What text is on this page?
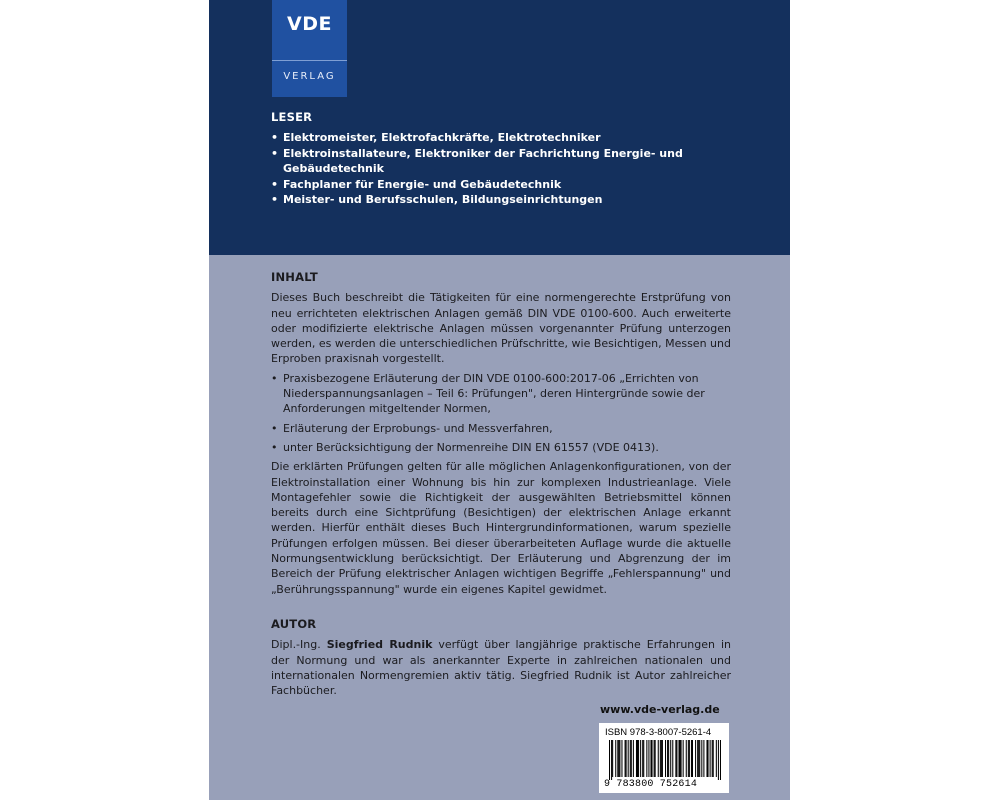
VDE
VERLAG
LESER
• Elektromeister, Elektrofachkräfte, Elektrotechniker
• Elektroinstallateure, Elektroniker der Fachrichtung Energie- und Gebäudetechnik
• Fachplaner für Energie- und Gebäudetechnik
• Meister- und Berufsschulen, Bildungseinrichtungen
INHALT

Dieses Buch beschreibt die Tätigkeiten für eine normengerechte Erstprüfung von neu errichteten elektrischen Anlagen gemäß DIN VDE 0100-600. Auch erweiterte oder modifizierte elektrische Anlagen müssen vorgenannter Prüfung unterzogen werden, es werden die unterschiedlichen Prüfschritte, wie Besichtigen, Messen und Erproben praxisnah vorgestellt.

• Praxisbezogene Erläuterung der DIN VDE 0100-600:2017-06 „Errichten von Niederspannungsanlagen – Teil 6: Prüfungen", deren Hintergründe sowie der Anforderungen mitgeltender Normen,
• Erläuterung der Erprobungs- und Messverfahren,
• unter Berücksichtigung der Normenreihe DIN EN 61557 (VDE 0413).

Die erklärten Prüfungen gelten für alle möglichen Anlagenkonfigurationen, von der Elektroinstallation einer Wohnung bis hin zur komplexen Industrieanlage. Viele Montagefehler sowie die Richtigkeit der ausgewählten Betriebsmittel können bereits durch eine Sichtprüfung (Besichtigen) der elektrischen Anlage erkannt werden. Hierfür enthält dieses Buch Hintergrundinformationen, warum spezielle Prüfungen erfolgen müssen. Bei dieser überarbeiteten Auflage wurde die aktuelle Normungsentwicklung berücksichtigt. Der Erläuterung und Abgrenzung der im Bereich der Prüfung elektrischer Anlagen wichtigen Begriffe „Fehlerspannung" und „Berührungsspannung" wurde ein eigenes Kapitel gewidmet.

AUTOR

Dipl.-Ing. Siegfried Rudnik verfügt über langjährige praktische Erfahrungen in der Normung und war als anerkannter Experte in zahlreichen nationalen und internationalen Normengremien aktiv tätig. Siegfried Rudnik ist Autor zahlreicher Fachbücher.

www.vde-verlag.de
ISBN 978-3-8007-5261-4
9 783800 752614
